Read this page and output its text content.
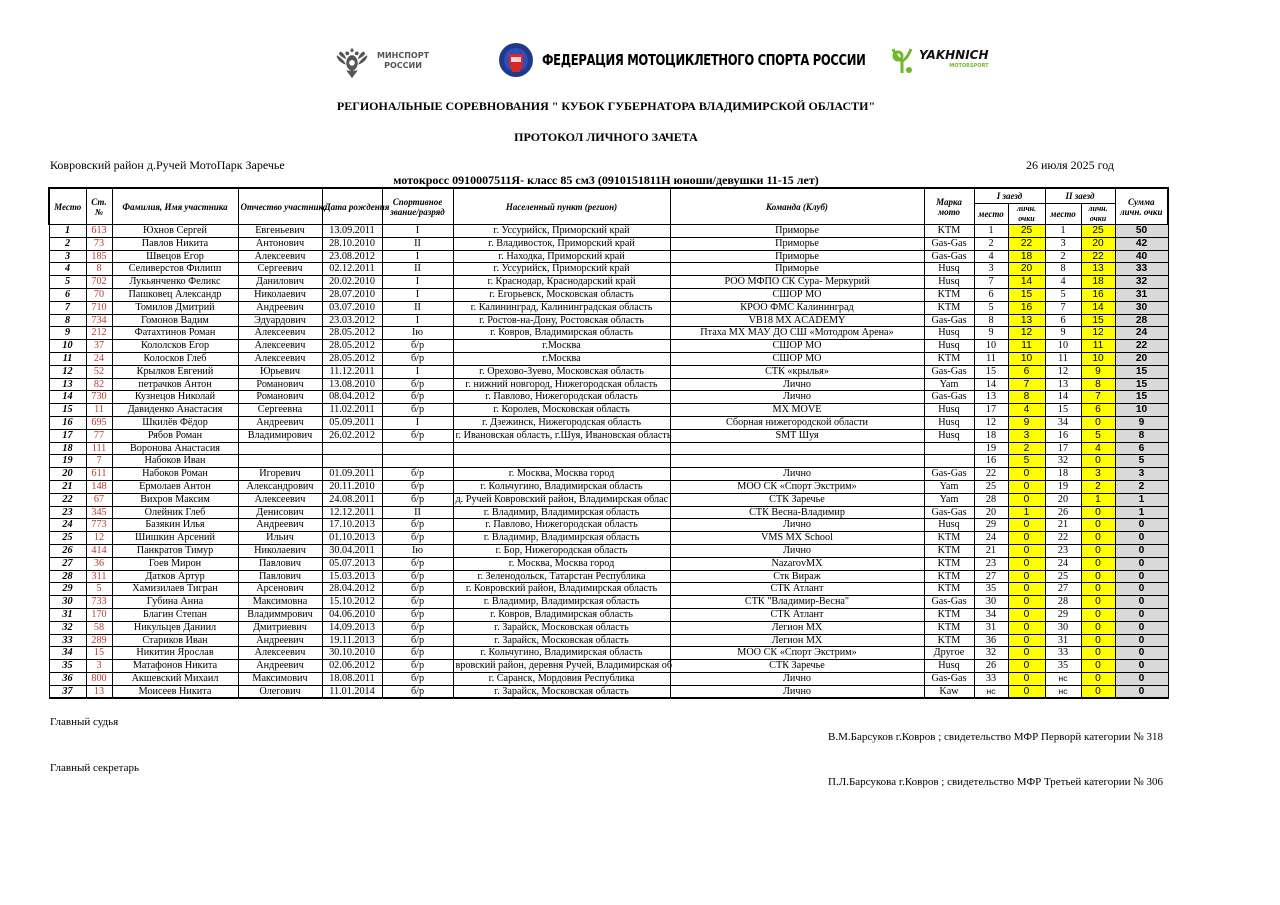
МИНСПОРТ
РОССИИ	ФЕДЕРАЦИЯ МОТОЦИКЛЕТНОГО СПОРТА РОССИИ	YAKHNICH
MOTORSPORT
РЕГИОНАЛЬНЫЕ СОРЕВНОВАНИЯ " КУБОК ГУБЕРНАТОРА ВЛАДИМИРСКОЙ ОБЛАСТИ"
ПРОТОКОЛ ЛИЧНОГО ЗАЧЕТА
Ковровский район д.Ручей МотоПарк Заречье	26 июля 2025 год
мотокросс 0910007511Я- класс 85 см3 (0910151811Н юноши/девушки 11-15 лет)
Место	Ст. №	Фамилия, Имя участника	Отчество участника	Дата рождения	Спортивное звание/разряд	Населенный пункт (регион)	Команда (Клуб)	Марка мото	I заезд		II заезд		Сумма личн. очки
									место	личн. очки	место	личн. очки	
1	613	Юхнов Сергей	Евгеньевич	13.09.2011	I	г. Уссурийск, Приморский край	Приморье	KTM	1	25	1	25	50
2	73	Павлов Никита	Антонович	28.10.2010	II	г. Владивосток, Приморский край	Приморье	Gas-Gas	2	22	3	20	42
3	185	Швецов Егор	Алексеевич	23.08.2012	I	г. Находка, Приморский край	Приморье	Gas-Gas	4	18	2	22	40
4	8	Селиверстов Филипп	Сергеевич	02.12.2011	II	г. Уссурийск, Приморский край	Приморье	Husq	3	20	8	13	33
5	702	Лукьянченко Феликс	Данилович	20.02.2010	I	г. Краснодар, Краснодарский край	РОО МФПО СК Сура- Меркурий	Husq	7	14	4	18	32
6	70	Пашковец Александр	Николаевич	28.07.2010	I	г. Егорьевск, Московская область	СШОР МО	KTM	6	15	5	16	31
7	710	Томилов Дмитрий	Андреевич	03.07.2010	II	г. Калининград, Калининградская область	КРОО ФМС Калининград	KTM	5	16	7	14	30
8	734	Гомонов Вадим	Эдуардович	23.03.2012	I	г. Ростов-на-Дону, Ростовская область	VB18 MX ACADEMY	Gas-Gas	8	13	6	15	28
9	212	Фатахтинов Роман	Алексеевич	28.05.2012	Iю	г. Ковров, Владимирская область	Птаха MX МАУ ДО СШ «Мотодром Арена»	Husq	9	12	9	12	24
10	37	Кололсков Егор	Алексеевич	28.05.2012	б/р	г.Москва	СШОР МО	Husq	10	11	10	11	22
11	24	Колосков Глеб	Алексеевич	28.05.2012	б/р	г.Москва	СШОР МО	KTM	11	10	11	10	20
12	52	Крылков Евгений	Юрьевич	11.12.2011	I	г. Орехово-Зуево, Московская область	СТК «крылья»	Gas-Gas	15	6	12	9	15
13	82	петрачков Антон	Романович	13.08.2010	б/р	г. нижний новгород, Нижегородская область	Лично	Yam	14	7	13	8	15
14	730	Кузнецов Николай	Романович	08.04.2012	б/р	г. Павлово, Нижегородская область	Лично	Gas-Gas	13	8	14	7	15
15	11	Давиденко Анастасия	Сергеевна	11.02.2011	б/р	г. Королев, Московская область	MX MOVE	Husq	17	4	15	6	10
16	695	Шкилёв Фёдор	Андреевич	05.09.2011	I	г. Дзежинск, Нижегородская область	Сборная нижегородской области	Husq	12	9	34	0	9
17	77	Рябов Роман	Владимирович	26.02.2012	б/р	г. Ивановская область, г.Шуя, Ивановская область	SMT Шуя	Husq	18	3	16	5	8
18	111	Воронова Анастасия							19	2	17	4	6
19	7	Набоков Иван							16	5	32	0	5
20	611	Набоков Роман	Игоревич	01.09.2011	б/р	г. Москва, Москва город	Лично	Gas-Gas	22	0	18	3	3
21	148	Ермолаев Антон	Александрович	20.11.2010	б/р	г. Кольчугино, Владимирская область	МОО СК «Спорт Экстрим»	Yam	25	0	19	2	2
22	67	Вихров Максим	Алексеевич	24.08.2011	б/р	д. Ручей Ковровский район, Владимирская облас	СТК Заречье	Yam	28	0	20	1	1
23	345	Олейник Глеб	Денисович	12.12.2011	II	г. Владимир, Владимирская область	СТК Весна-Владимир	Gas-Gas	20	1	26	0	1
24	773	Базякин Илья	Андреевич	17.10.2013	б/р	г. Павлово, Нижегородская область	Лично	Husq	29	0	21	0	0
25	12	Шишкин Арсений	Ильич	01.10.2013	б/р	г. Владимир, Владимирская область	VMS MX School	KTM	24	0	22	0	0
26	414	Панкратов Тимур	Николаевич	30.04.2011	Iю	г. Бор, Нижегородская область	Лично	KTM	21	0	23	0	0
27	36	Гоев Мирон	Павлович	05.07.2013	б/р	г. Москва, Москва город	NazarovMX	KTM	23	0	24	0	0
28	311	Датков Артур	Павлович	15.03.2013	б/р	г. Зеленодольск, Татарстан Республика	Стк Вираж	KTM	27	0	25	0	0
29	5	Хамизилаев Тигран	Арсенович	28.04.2012	б/р	г. Ковровский район, Владимирская область	СТК Атлант	KTM	35	0	27	0	0
30	733	Губина Анна	Максимовна	15.10.2012	б/р	г. Владимир, Владимирская область	СТК "Владимир-Весна"	Gas-Gas	30	0	28	0	0
31	170	Благин Степан	Владиммрович	04.06.2010	б/р	г. Ковров, Владимирская область	СТК Атлант	KTM	34	0	29	0	0
32	58	Никульцев Даниил	Дмитриевич	14.09.2013	б/р	г. Зарайск, Московская область	Легион MX	KTM	31	0	30	0	0
33	289	Стариков Иван	Андреевич	19.11.2013	б/р	г. Зарайск, Московская область	Легион MX	KTM	36	0	31	0	0
34	15	Никитин Ярослав	Алексеевич	30.10.2010	б/р	г. Кольчугино, Владимирская область	МОО СК «Спорт Экстрим»	Другое	32	0	33	0	0
35	3	Матафонов Никита	Андреевич	02.06.2012	б/р	вровский район, деревня Ручей, Владимирская об	СТК Заречье	Husq	26	0	35	0	0
36	800	Акшевский Михаил	Максимович	18.08.2011	б/р	г. Саранск, Мордовия Республика	Лично	Gas-Gas	33	0	нс	0	0
37	13	Моисеев Никита	Олегович	11.01.2014	б/р	г. Зарайск, Московская область	Лично	Kaw	нс	0	нс	0	0
Главный судья
В.М.Барсуков г.Ковров ; свидетельство МФР Перворй категории № 318
Главный секретарь
П.Л.Барсукова г.Ковров ; свидетельство МФР Третьей категории № 306
